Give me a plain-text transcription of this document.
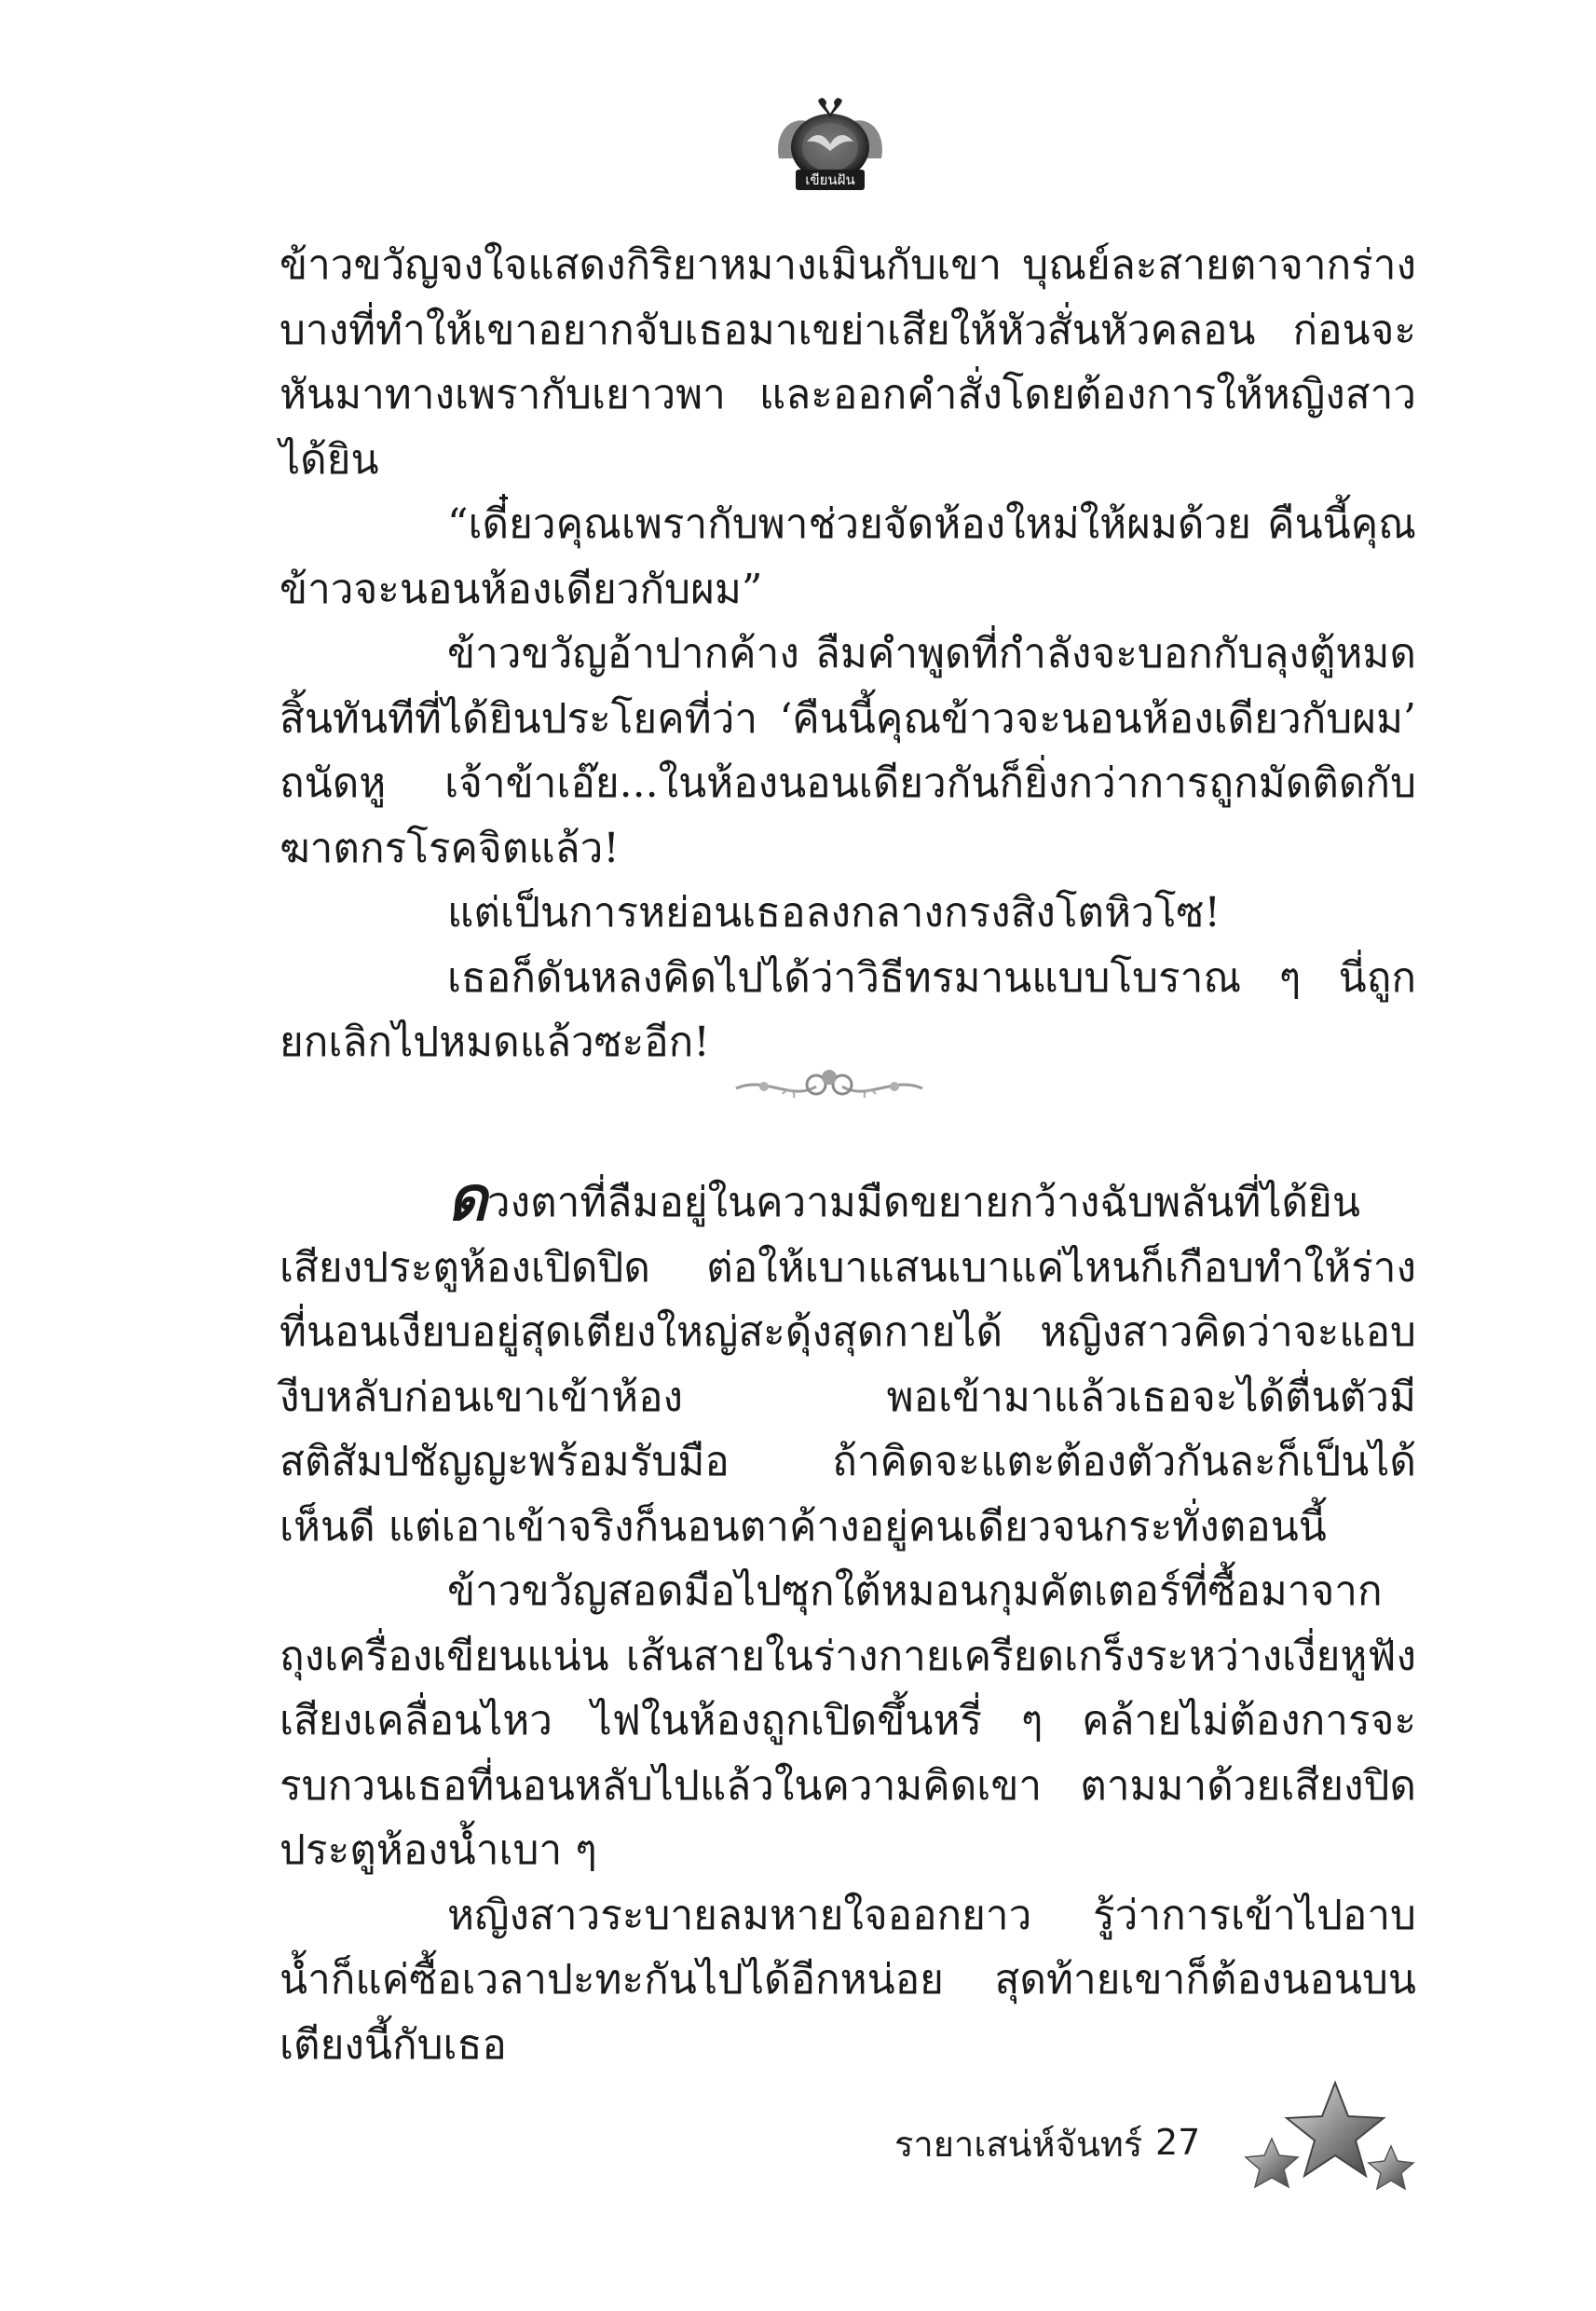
เขียนฝัน

ข้าวขวัญจงใจแสดงกิริยาหมางเมินกับเขา บุณย์ละสายตาจากร่างบางที่ทำให้เขาอยากจับเธอมาเขย่าเสียให้หัวสั่นหัวคลอน ก่อนจะหันมาทางเพรากับเยาวพา และออกคำสั่งโดยต้องการให้หญิงสาวได้ยิน

“เดี๋ยวคุณเพรากับพาช่วยจัดห้องใหม่ให้ผมด้วย คืนนี้คุณข้าวจะนอนห้องเดียวกับผม”

ข้าวขวัญอ้าปากค้าง ลืมคำพูดที่กำลังจะบอกกับลุงตู้หมดสิ้นทันทีที่ได้ยินประโยคที่ว่า ‘คืนนี้คุณข้าวจะนอนห้องเดียวกับผม’ ถนัดหู เจ้าข้าเอ๊ย...ในห้องนอนเดียวกันก็ยิ่งกว่าการถูกมัดติดกับฆาตกรโรคจิตแล้ว!

แต่เป็นการหย่อนเธอลงกลางกรงสิงโตหิวโซ!

เธอก็ดันหลงคิดไปได้ว่าวิธีทรมานแบบโบราณ ๆ นี่ถูกยกเลิกไปหมดแล้วซะอีก!

ดวงตาที่ลืมอยู่ในความมืดขยายกว้างฉับพลันที่ได้ยินเสียงประตูห้องเปิดปิด ต่อให้เบาแสนเบาแค่ไหนก็เกือบทำให้ร่างที่นอนเงียบอยู่สุดเตียงใหญ่สะดุ้งสุดกายได้ หญิงสาวคิดว่าจะแอบงีบหลับก่อนเขาเข้าห้อง พอเข้ามาแล้วเธอจะได้ตื่นตัวมีสติสัมปชัญญะพร้อมรับมือ ถ้าคิดจะแตะต้องตัวกันละก็เป็นได้เห็นดี แต่เอาเข้าจริงก็นอนตาค้างอยู่คนเดียวจนกระทั่งตอนนี้

ข้าวขวัญสอดมือไปซุกใต้หมอนกุมคัตเตอร์ที่ซื้อมาจากถุงเครื่องเขียนแน่น เส้นสายในร่างกายเครียดเกร็งระหว่างเงี่ยหูฟังเสียงเคลื่อนไหว ไฟในห้องถูกเปิดขึ้นหรี่ ๆ คล้ายไม่ต้องการจะรบกวนเธอที่นอนหลับไปแล้วในความคิดเขา ตามมาด้วยเสียงปิดประตูห้องน้ำเบา ๆ

หญิงสาวระบายลมหายใจออกยาว รู้ว่าการเข้าไปอาบน้ำก็แค่ซื้อเวลาปะทะกันไปได้อีกหน่อย สุดท้ายเขาก็ต้องนอนบนเตียงนี้กับเธอ

รายาเสน่ห์จันทร์ 27
